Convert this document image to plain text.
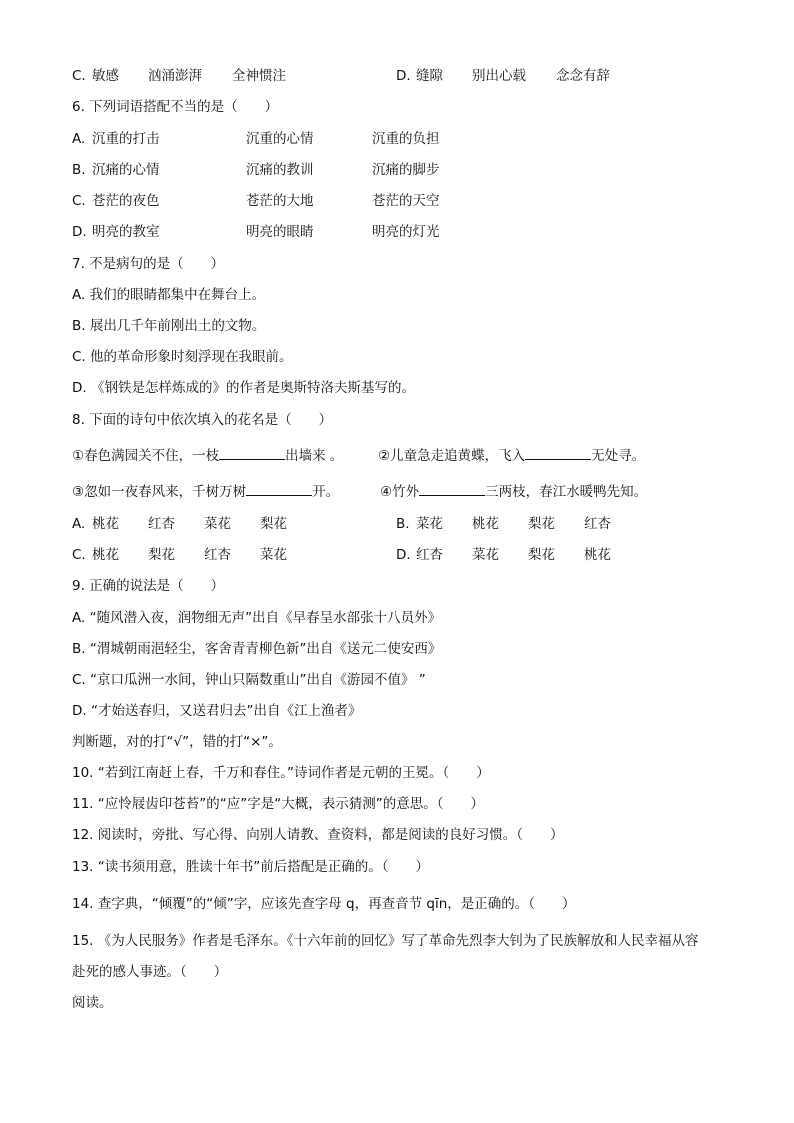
C. 敏感 汹涌澎湃 全神惯注	D. 缝隙 别出心载 念念有辞
6. 下列词语搭配不当的是（　　）
A. 沉重的打击	沉重的心情	沉重的负担
B. 沉痛的心情	沉痛的教训	沉痛的脚步
C. 苍茫的夜色	苍茫的大地	苍茫的天空
D. 明亮的教室	明亮的眼睛	明亮的灯光
7. 不是病句的是（　　）
A. 我们的眼睛都集中在舞台上。
B. 展出几千年前刚出土的文物。
C. 他的革命形象时刻浮现在我眼前。
D. 《钢铁是怎样炼成的》的作者是奥斯特洛夫斯基写的。
8. 下面的诗句中依次填入的花名是（　　）
①春色满园关不住，一枝	出墙来 。	②儿童急走追黄蝶，飞入	无处寻。
③忽如一夜春风来，千树万树	开。	④竹外	三两枝，春江水暖鸭先知。
A. 桃花 红杏 菜花 梨花	B. 菜花 桃花 梨花 红杏
C. 桃花 梨花 红杏 菜花	D. 红杏 菜花 梨花 桃花
9. 正确的说法是（　　）
A. “随风潜入夜，润物细无声”出自《早春呈水部张十八员外》
B. “渭城朝雨浥轻尘，客舍青青柳色新”出自《送元二使安西》
C. “京口瓜洲一水间，钟山只隔数重山”出自《游园不值》 ”
D. “才始送春归，又送君归去”出自《江上渔者》
判断题，对的打“√”，错的打“×”。
10. “若到江南赶上春，千万和春住。”诗词作者是元朝的王冕。（　　）
11. “应怜屐齿印苍苔”的“应”字是“大概，表示猜测”的意思。（　　）
12. 阅读时，旁批、写心得、向别人请教、查资料，都是阅读的良好习惯。（　　）
13. “读书须用意，胜读十年书”前后搭配是正确的。（　　）
14. 查字典，“倾覆”的“倾”字，应该先查字母 q，再查音节 qīn，是正确的。（　　）
15. 《为人民服务》作者是毛泽东。《十六年前的回忆》写了革命先烈李大钊为了民族解放和人民幸福从容
赴死的感人事迹。（　　）
阅读。
